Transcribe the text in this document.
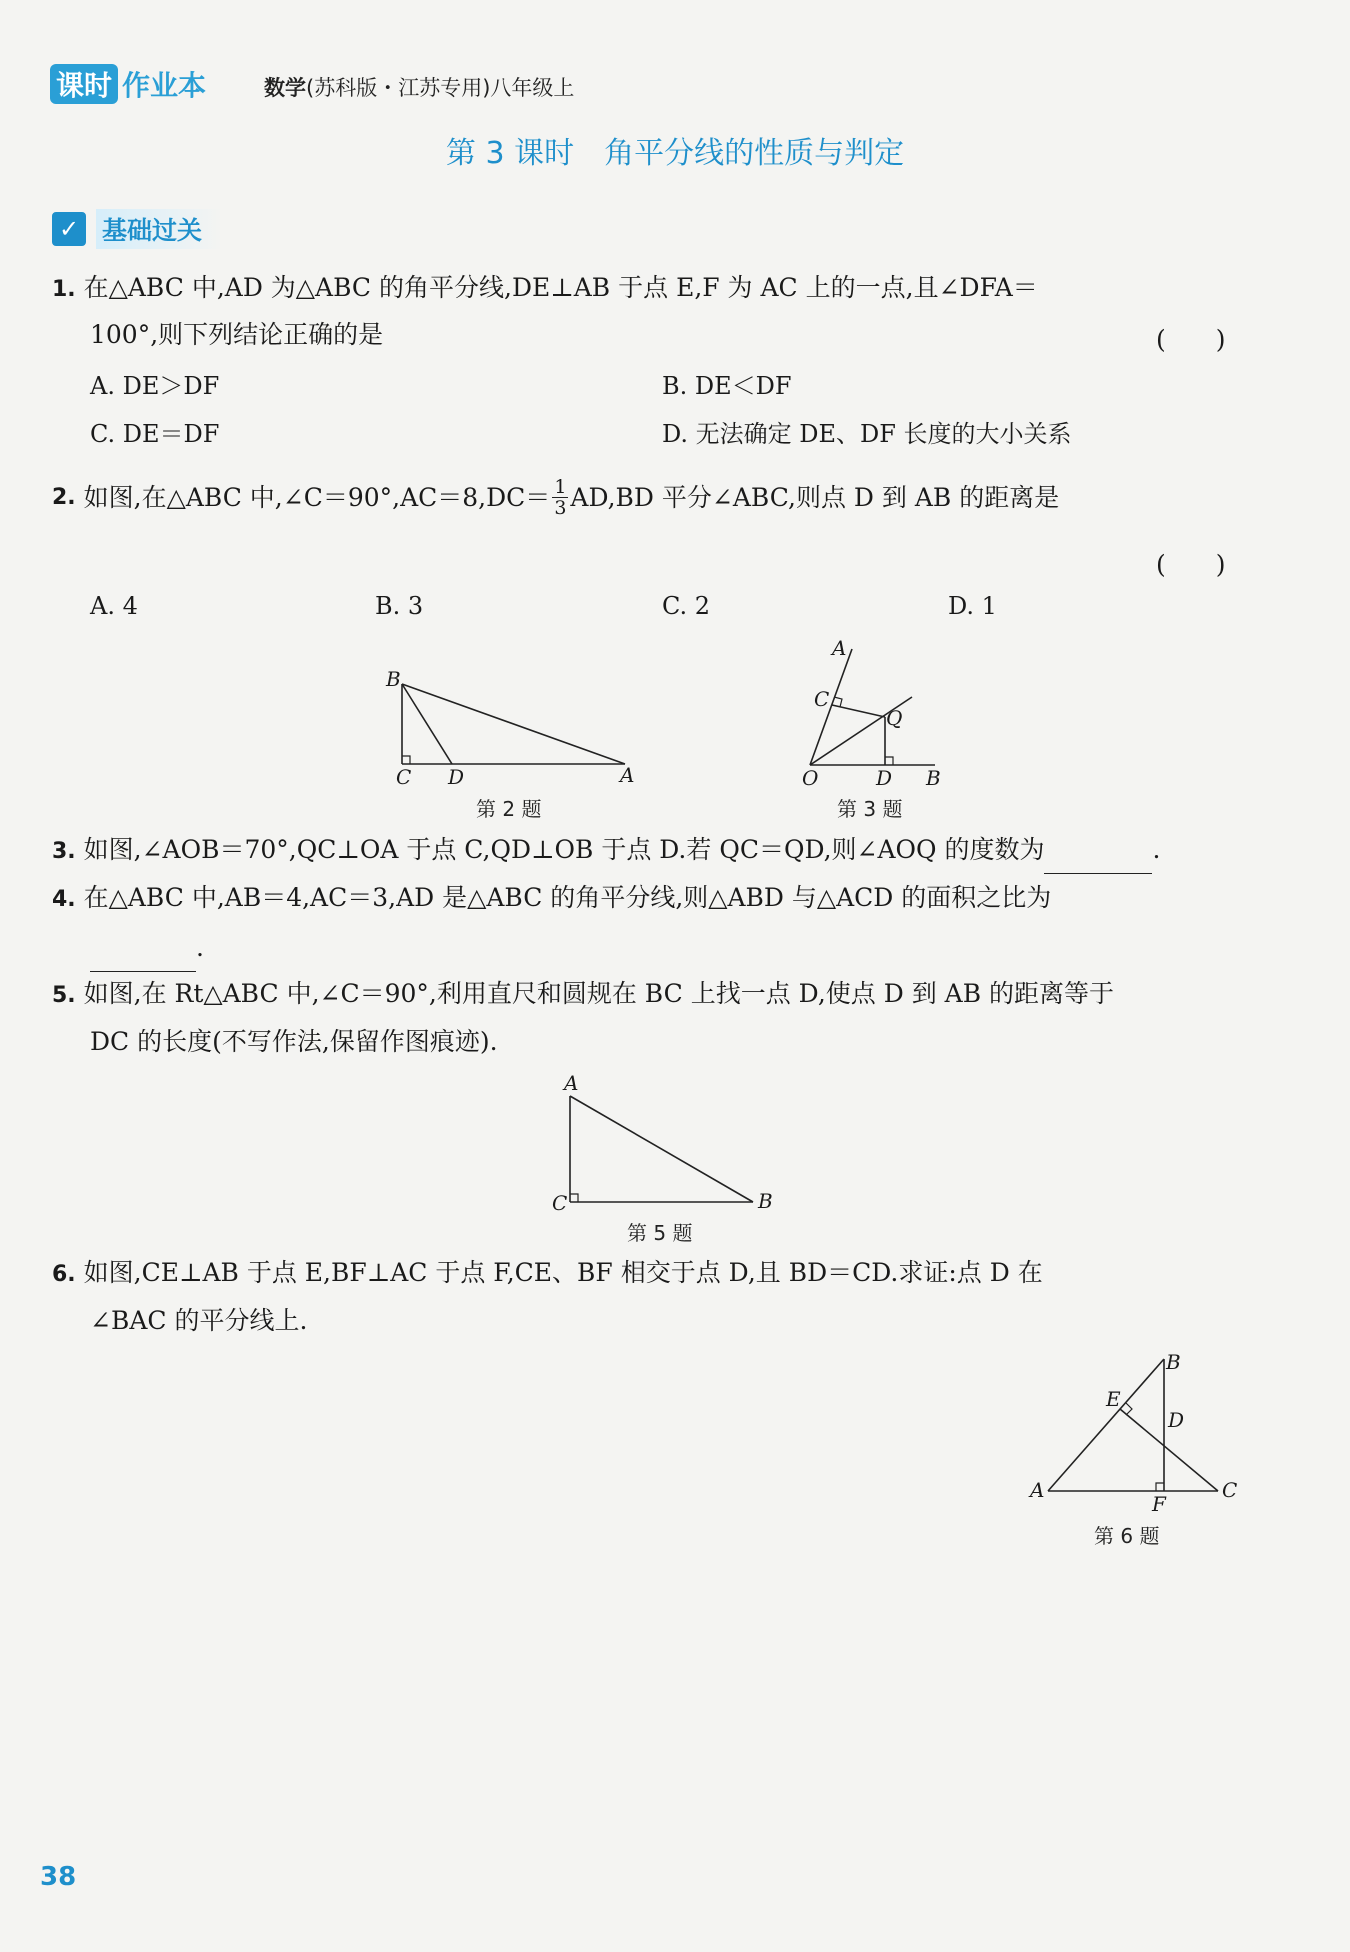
课时 作业本	数学(苏科版・江苏专用)八年级上
第 3 课时　角平分线的性质与判定
✓ 基础过关
1. 在△ABC 中,AD 为△ABC 的角平分线,DE⊥AB 于点 E,F 为 AC 上的一点,且∠DFA＝
100°,则下列结论正确的是	(　　)
A. DE＞DF	B. DE＜DF
C. DE＝DF	D. 无法确定 DE、DF 长度的大小关系
2. 如图,在△ABC 中,∠C＝90°,AC＝8,DC＝ $\frac{1}{3} AD,BD$ 平分∠ABC,则点 D 到 AB 的距离是
(　　)
A. 4	B. 3	C. 2	D. 1
B
C D	A
第 2 题
A
C
Q
O	D B
第 3 题
3. 如图,∠AOB＝70°,QC⊥OA 于点 C,QD⊥OB 于点 D.若 QC＝QD,则∠AOQ 的度数为	.
4. 在△ABC 中,AB＝4,AC＝3,AD 是△ABC 的角平分线,则△ABD 与△ACD 的面积之比为
.
5. 如图,在 Rt△ABC 中,∠C＝90°,利用直尺和圆规在 BC 上找一点 D,使点 D 到 AB 的距离等于
DC 的长度(不写作法,保留作图痕迹).
A
C	B
第 5 题
6. 如图,CE⊥AB 于点 E,BF⊥AC 于点 F,CE、BF 相交于点 D,且 BD＝CD.求证:点 D 在
∠BAC 的平分线上.
B
E
D
A
F
C
第 6 题
38
